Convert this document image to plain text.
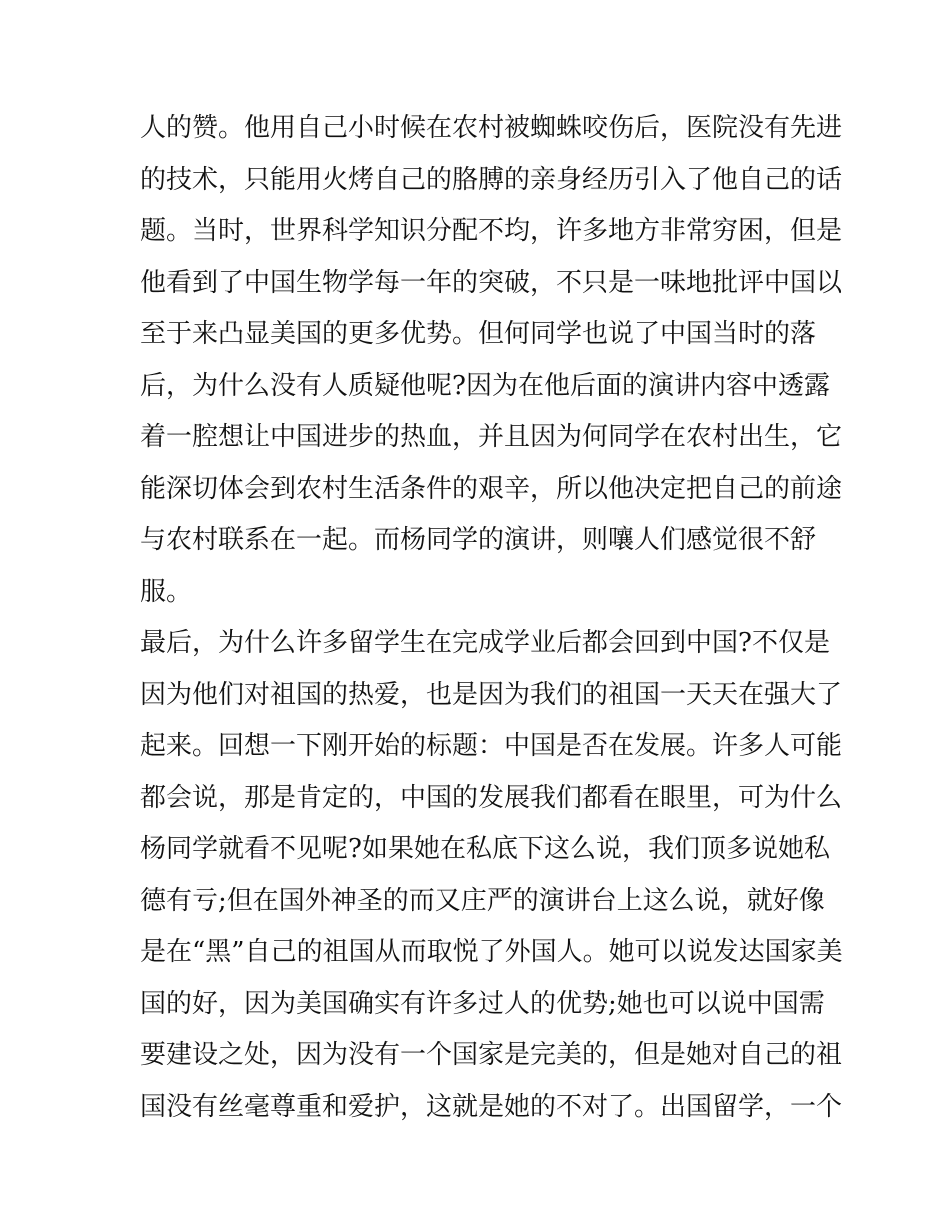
人的赞。他用自己小时候在农村被蜘蛛咬伤后，医院没有先进
的技术，只能用火烤自己的胳膊的亲身经历引入了他自己的话
题。当时，世界科学知识分配不均，许多地方非常穷困，但是
他看到了中国生物学每一年的突破，不只是一味地批评中国以
至于来凸显美国的更多优势。但何同学也说了中国当时的落
后，为什么没有人质疑他呢?因为在他后面的演讲内容中透露
着一腔想让中国进步的热血，并且因为何同学在农村出生，它
能深切体会到农村生活条件的艰辛，所以他决定把自己的前途
与农村联系在一起。而杨同学的演讲，则嚷人们感觉很不舒
服。
最后，为什么许多留学生在完成学业后都会回到中国?不仅是
因为他们对祖国的热爱，也是因为我们的祖国一天天在强大了
起来。回想一下刚开始的标题：中国是否在发展。许多人可能
都会说，那是肯定的，中国的发展我们都看在眼里，可为什么
杨同学就看不见呢?如果她在私底下这么说，我们顶多说她私
德有亏;但在国外神圣的而又庄严的演讲台上这么说，就好像
是在“黑”自己的祖国从而取悦了外国人。她可以说发达国家美
国的好，因为美国确实有许多过人的优势;她也可以说中国需
要建设之处，因为没有一个国家是完美的，但是她对自己的祖
国没有丝毫尊重和爱护，这就是她的不对了。出国留学，一个
